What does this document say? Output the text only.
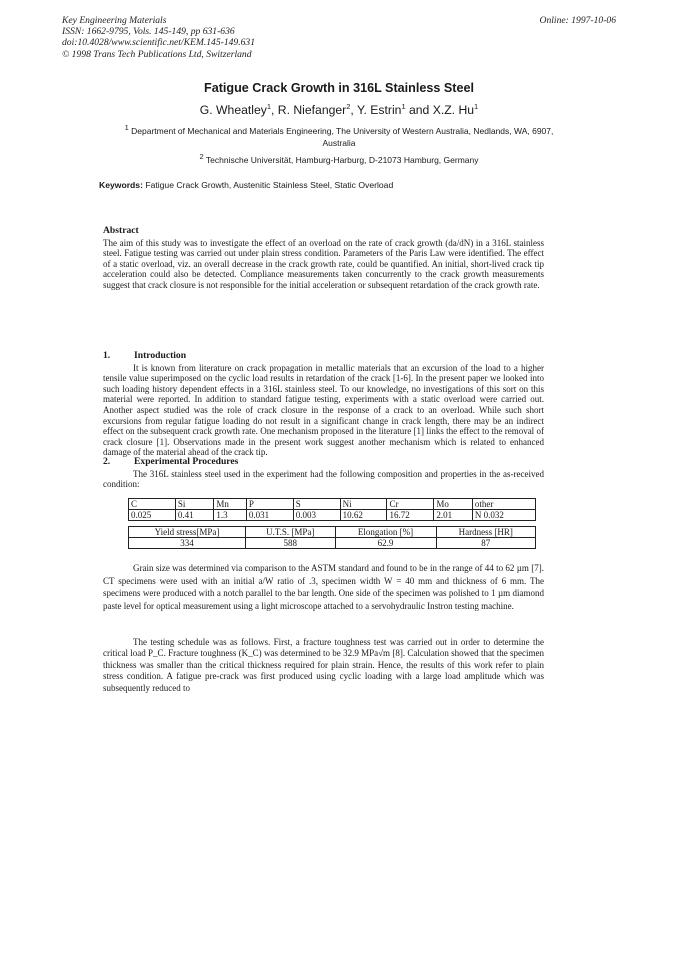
Key Engineering Materials
ISSN: 1662-9795, Vols. 145-149, pp 631-636
doi:10.4028/www.scientific.net/KEM.145-149.631
© 1998 Trans Tech Publications Ltd, Switzerland
Online: 1997-10-06
Fatigue Crack Growth in 316L Stainless Steel
G. Wheatley$^1$, R. Niefanger$^2$, Y. Estrin$^1$ and X.Z. Hu$^1$
$^1$ Department of Mechanical and Materials Engineering, The University of Western Australia, Nedlands, WA, 6907, Australia
$^2$ Technische Universität, Hamburg-Harburg, D-21073 Hamburg, Germany
Keywords: Fatigue Crack Growth, Austenitic Stainless Steel, Static Overload
Abstract

The aim of this study was to investigate the effect of an overload on the rate of crack growth (da/dN) in a 316L stainless steel. Fatigue testing was carried out under plain stress condition. Parameters of the Paris Law were identified. The effect of a static overload, viz. an overall decrease in the crack growth rate, could be quantified. An initial, short-lived crack tip acceleration could also be detected. Compliance measurements taken concurrently to the crack growth measurements suggest that crack closure is not responsible for the initial acceleration or subsequent retardation of the crack growth rate.

1. Introduction

It is known from literature on crack propagation in metallic materials that an excursion of the load to a higher tensile value superimposed on the cyclic load results in retardation of the crack [1-6]. In the present paper we looked into such loading history dependent effects in a 316L stainless steel. To our knowledge, no investigations of this sort on this material were reported. In addition to standard fatigue testing, experiments with a static overload were carried out. Another aspect studied was the role of crack closure in the response of a crack to an overload. While such short excursions from regular fatigue loading do not result in a significant change in crack length, there may be an indirect effect on the subsequent crack growth rate. One mechanism proposed in the literature [1] links the effect to the removal of crack closure [1]. Observations made in the present work suggest another mechanism which is related to enhanced damage of the material ahead of the crack tip.

2. Experimental Procedures

The 316L stainless steel used in the experiment had the following composition and properties in the as-received condition:

C	Si	Mn	P	S	Ni	Cr	Mo	other
0.025	0.41	1.3	0.031	0.003	10.62	16.72	2.01	N 0.032
Yield stress[MPa]	U.T.S. [MPa]	Elongation [%]	Hardness [HR]
334	588	62.9	87

Grain size was determined via comparison to the ASTM standard and found to be in the range of 44 to 62 µm [7]. CT specimens were used with an initial a/W ratio of .3, specimen width W = 40 mm and thickness of 6 mm. The specimens were produced with a notch parallel to the bar length. One side of the specimen was polished to 1 µm diamond paste level for optical measurement using a light microscope attached to a servohydraulic Instron testing machine.

The testing schedule was as follows. First, a fracture toughness test was carried out in order to determine the critical load P_C. Fracture toughness (K_C) was determined to be 32.9 MPa√m [8]. Calculation showed that the specimen thickness was smaller than the critical thickness required for plain strain. Hence, the results of this work refer to plain stress condition. A fatigue pre-crack was first produced using cyclic loading with a large load amplitude which was subsequently reduced to
